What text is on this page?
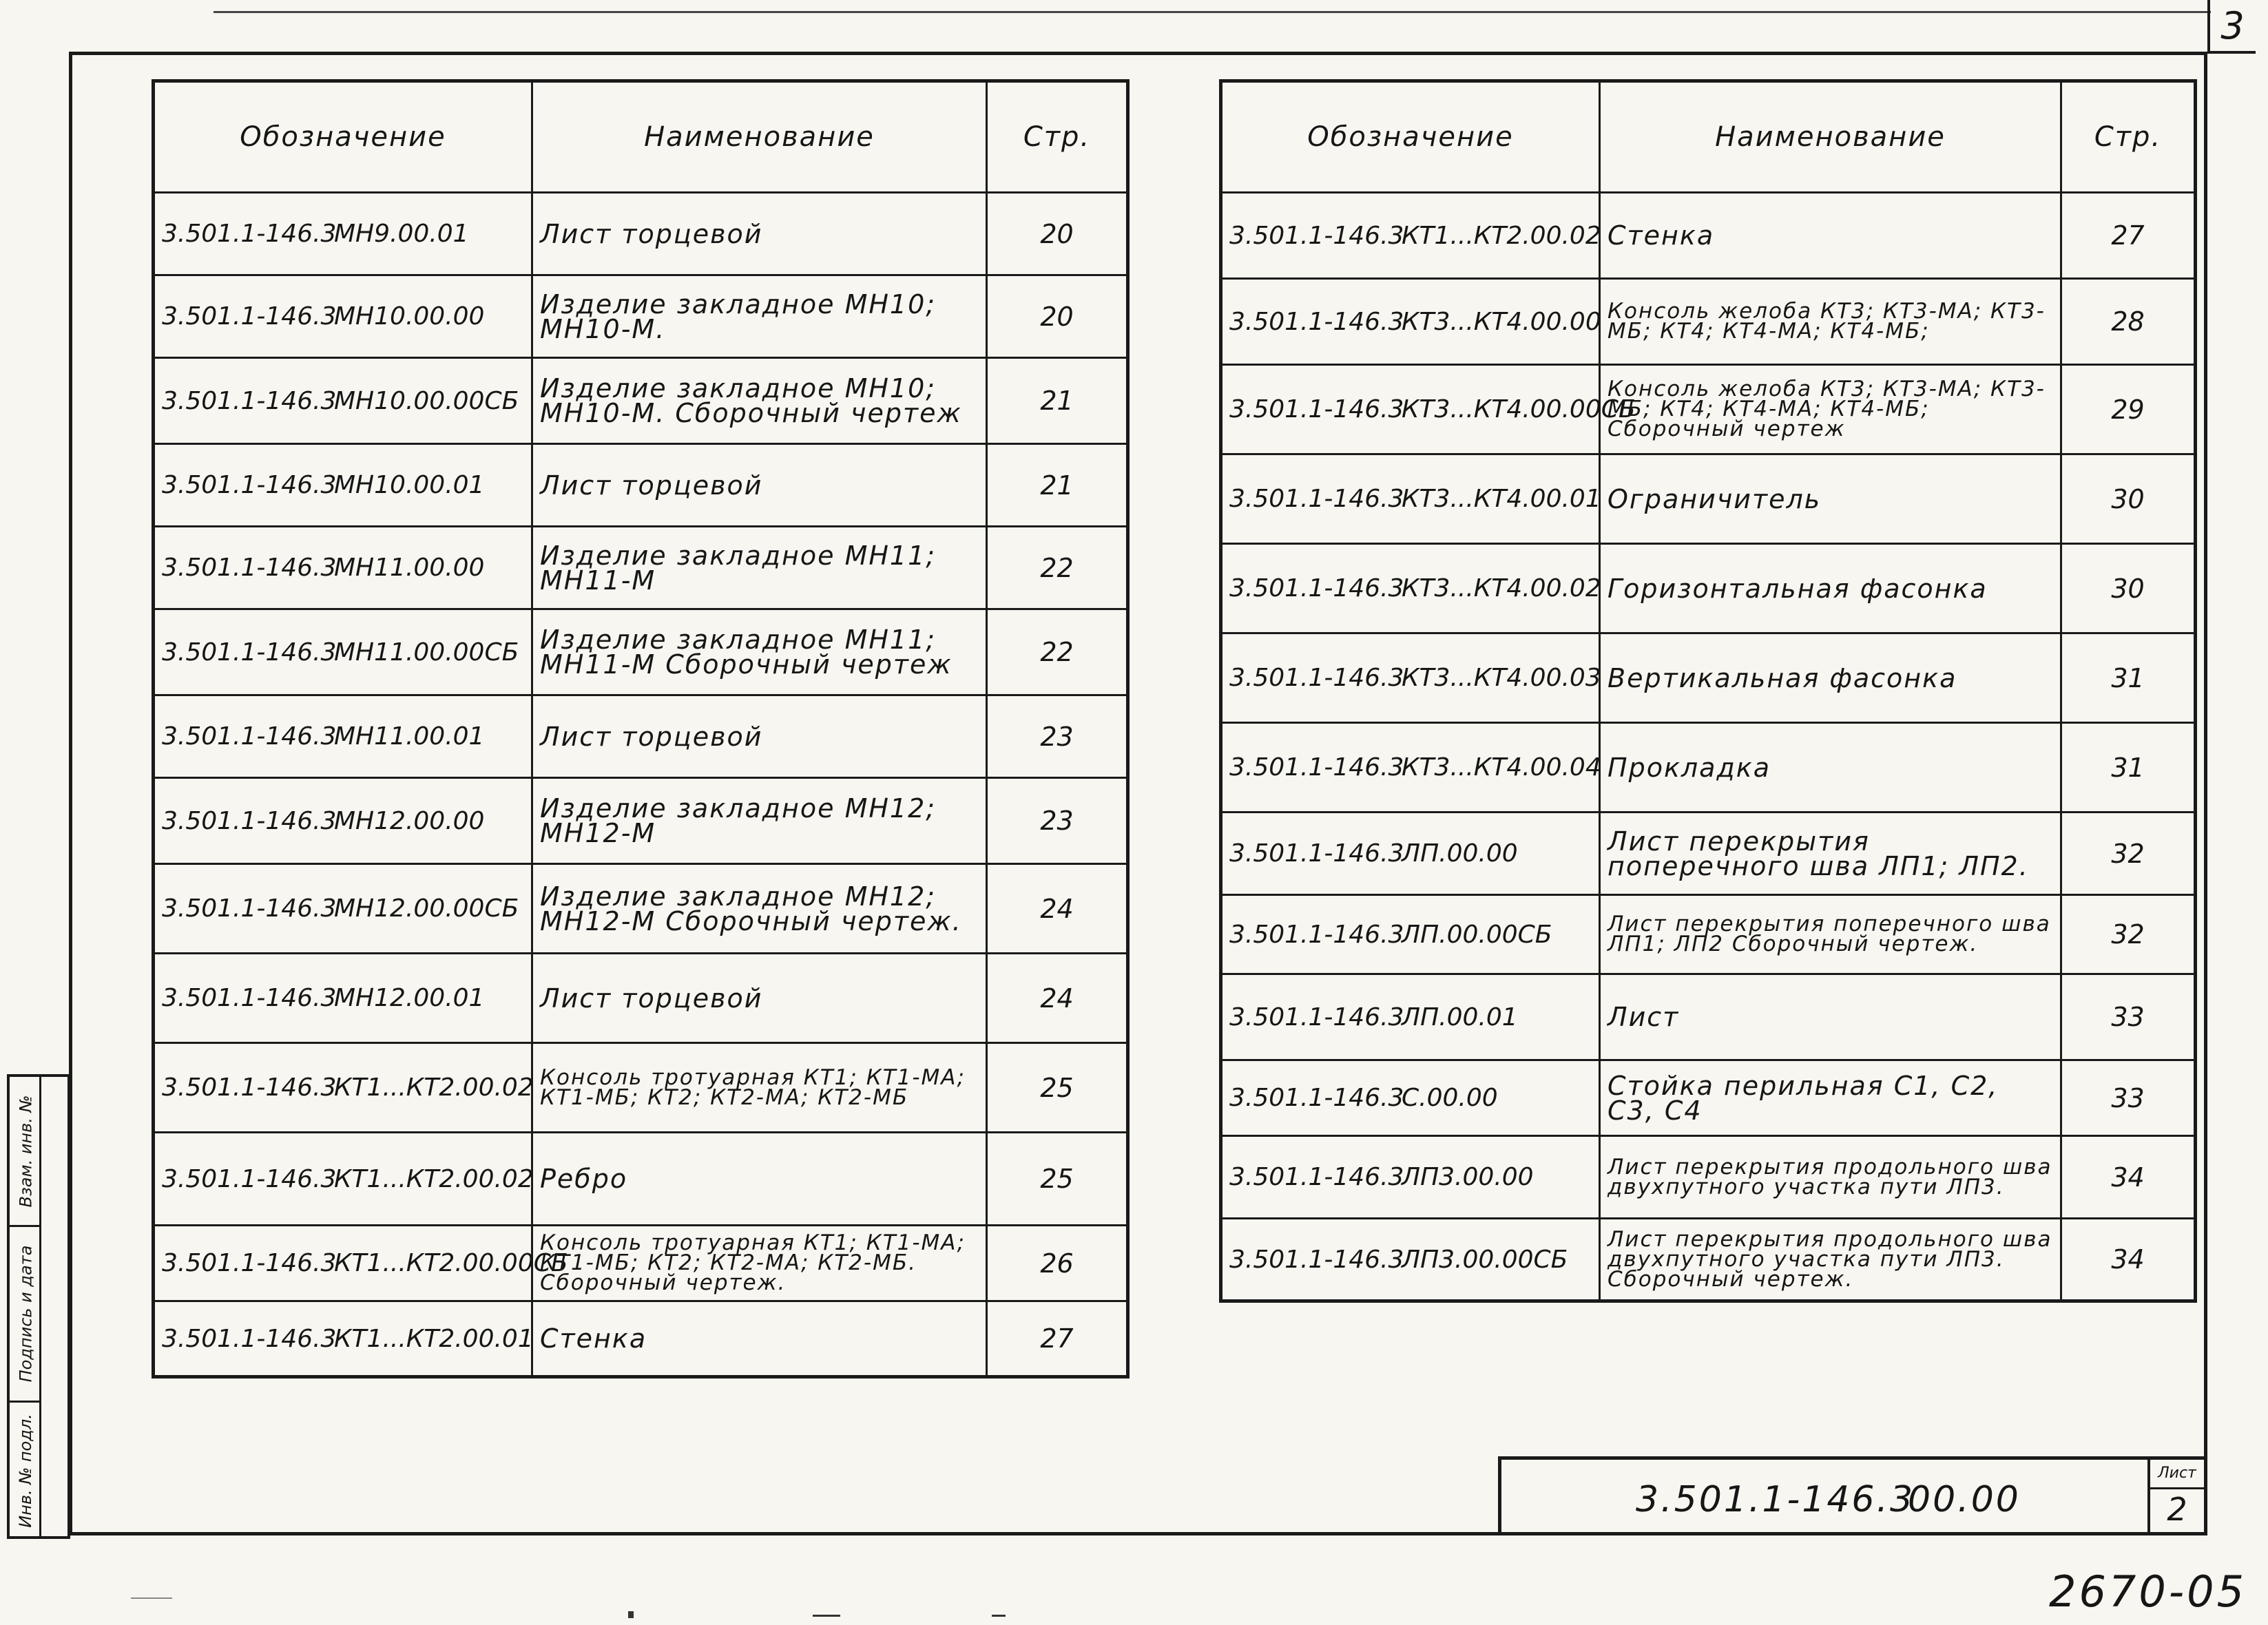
3
Обозначение	Наименование	Стр.
3.501.1-146.3МН9.00.01	Лист торцевой	20
3.501.1-146.3МН10.00.00	Изделие закладное МН10; МН10-М.	20
3.501.1-146.3МН10.00.00СБ	Изделие закладное МН10; МН10-М. Сборочный чертеж	21
3.501.1-146.3МН10.00.01	Лист торцевой	21
3.501.1-146.3МН11.00.00	Изделие закладное МН11; МН11-М	22
3.501.1-146.3МН11.00.00СБ	Изделие закладное МН11; МН11-М Сборочный чертеж	22
3.501.1-146.3МН11.00.01	Лист торцевой	23
3.501.1-146.3МН12.00.00	Изделие закладное МН12; МН12-М	23
3.501.1-146.3МН12.00.00СБ	Изделие закладное МН12; МН12-М Сборочный чертеж.	24
3.501.1-146.3МН12.00.01	Лист торцевой	24
3.501.1-146.3КТ1...КТ2.00.02	Консоль тротуарная КТ1; КТ1-МА; КТ1-МБ; КТ2; КТ2-МА; КТ2-МБ	25
3.501.1-146.3КТ1...КТ2.00.02	Ребро	25
3.501.1-146.3КТ1...КТ2.00.00СБ	Консоль тротуарная КТ1; КТ1-МА; КТ1-МБ; КТ2; КТ2-МА; КТ2-МБ. Сборочный чертеж.	26
3.501.1-146.3КТ1...КТ2.00.01	Стенка	27
Обозначение	Наименование	Стр.
3.501.1-146.3КТ1...КТ2.00.02	Стенка	27
3.501.1-146.3КТ3...КТ4.00.00	Консоль желоба КТ3; КТ3-МА; КТ3-МБ; КТ4; КТ4-МА; КТ4-МБ;	28
3.501.1-146.3КТ3...КТ4.00.00СБ	Консоль желоба КТ3; КТ3-МА; КТ3-МБ; КТ4; КТ4-МА; КТ4-МБ; Сборочный чертеж	29
3.501.1-146.3КТ3...КТ4.00.01	Ограничитель	30
3.501.1-146.3КТ3...КТ4.00.02	Горизонтальная фасонка	30
3.501.1-146.3КТ3...КТ4.00.03	Вертикальная фасонка	31
3.501.1-146.3КТ3...КТ4.00.04	Прокладка	31
3.501.1-146.3ЛП.00.00	Лист перекрытия поперечного шва ЛП1; ЛП2.	32
3.501.1-146.3ЛП.00.00СБ	Лист перекрытия поперечного шва ЛП1; ЛП2 Сборочный чертеж.	32
3.501.1-146.3ЛП.00.01	Лист	33
3.501.1-146.3С.00.00	Стойка перильная С1, С2, С3, С4	33
3.501.1-146.3ЛП3.00.00	Лист перекрытия продольного шва двухпутного участка пути ЛП3.	34
3.501.1-146.3ЛП3.00.00СБ	Лист перекрытия продольного шва двухпутного участка пути ЛП3. Сборочный чертеж.	34
Взам. инв. №
Подпись и дата
Инв. № подл.	3.501.1-146.3
00.00
Лист
2
2670-05
